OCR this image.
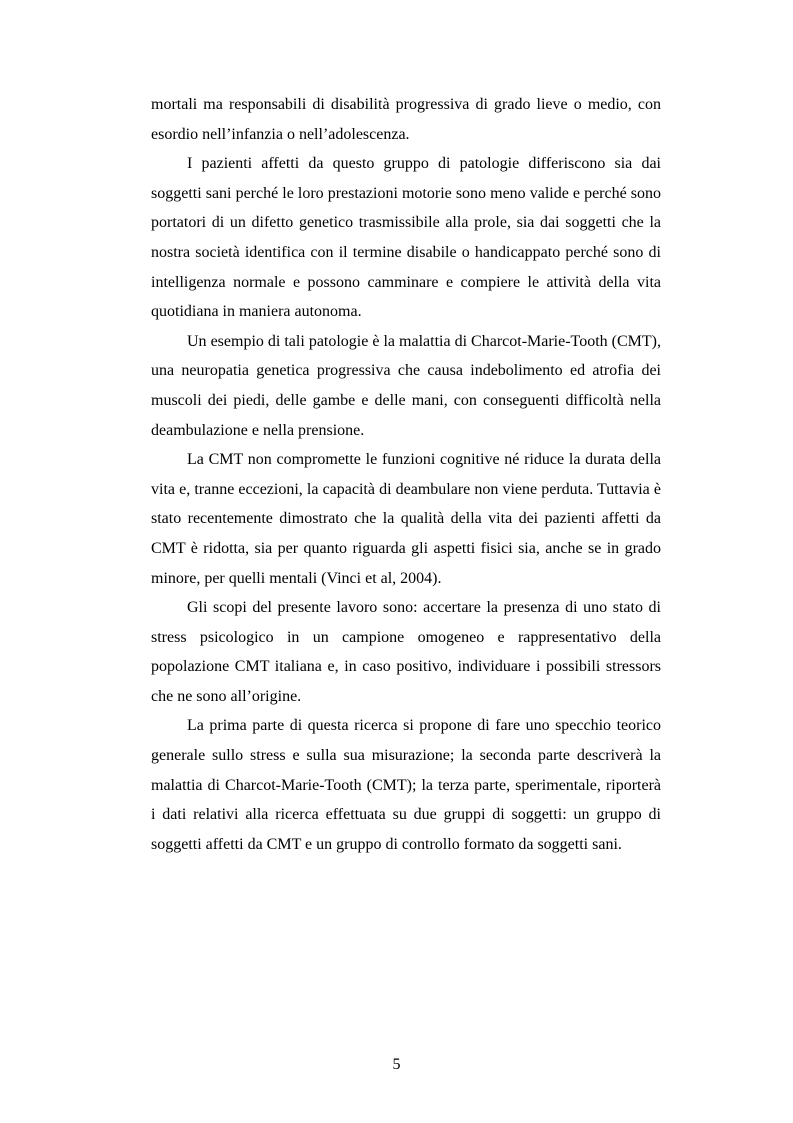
mortali ma responsabili di disabilità progressiva di grado lieve o medio, con esordio nell’infanzia o nell’adolescenza.

I pazienti affetti da questo gruppo di patologie differiscono sia dai soggetti sani perché le loro prestazioni motorie sono meno valide e perché sono portatori di un difetto genetico trasmissibile alla prole, sia dai soggetti che la nostra società identifica con il termine disabile o handicappato perché sono di intelligenza normale e possono camminare e compiere le attività della vita quotidiana in maniera autonoma.

Un esempio di tali patologie è la malattia di Charcot-Marie-Tooth (CMT), una neuropatia genetica progressiva che causa indebolimento ed atrofia dei muscoli dei piedi, delle gambe e delle mani, con conseguenti difficoltà nella deambulazione e nella prensione.

La CMT non compromette le funzioni cognitive né riduce la durata della vita e, tranne eccezioni, la capacità di deambulare non viene perduta. Tuttavia è stato recentemente dimostrato che la qualità della vita dei pazienti affetti da CMT è ridotta, sia per quanto riguarda gli aspetti fisici sia, anche se in grado minore, per quelli mentali (Vinci et al, 2004).

Gli scopi del presente lavoro sono: accertare la presenza di uno stato di stress psicologico in un campione omogeneo e rappresentativo della popolazione CMT italiana e, in caso positivo, individuare i possibili stressors che ne sono all’origine.

La prima parte di questa ricerca si propone di fare uno specchio teorico generale sullo stress e sulla sua misurazione; la seconda parte descriverà la malattia di Charcot-Marie-Tooth (CMT); la terza parte, sperimentale, riporterà i dati relativi alla ricerca effettuata su due gruppi di soggetti: un gruppo di soggetti affetti da CMT e un gruppo di controllo formato da soggetti sani.

5
